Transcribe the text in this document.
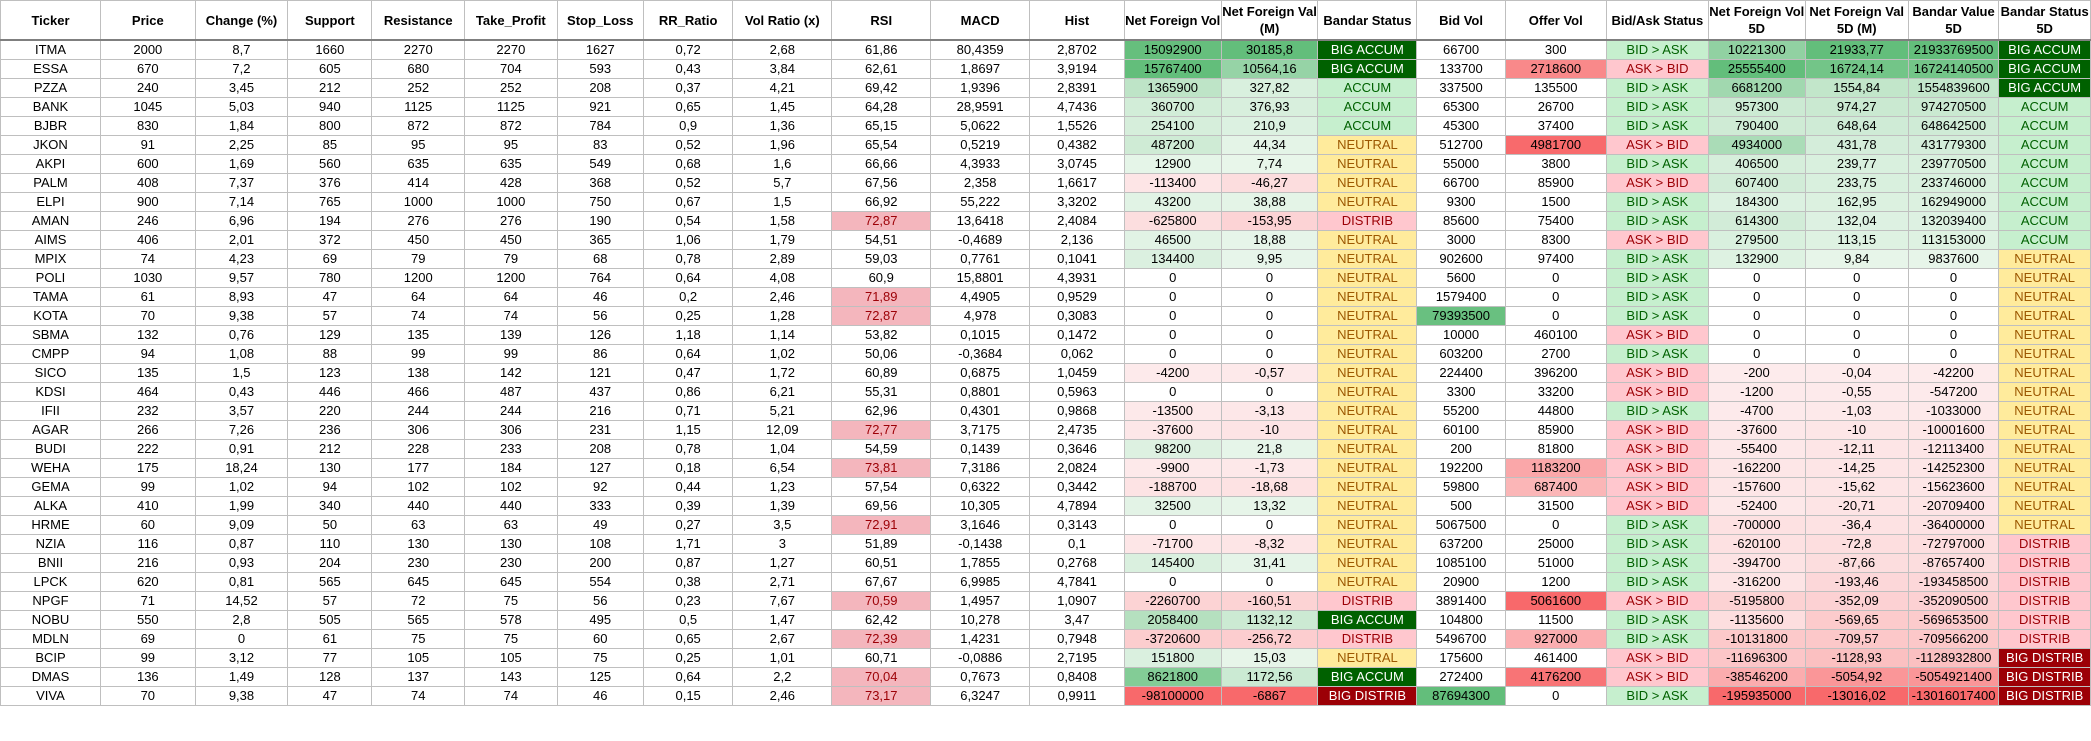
Ticker	Price	Change (%)	Support	Resistance	Take_Profit	Stop_Loss	RR_Ratio	Vol Ratio (x)	RSI	MACD	Hist	Net Foreign Vol	Net Foreign Val (M)	Bandar Status	Bid Vol	Offer Vol	Bid/Ask Status	Net Foreign Vol 5D	Net Foreign Val 5D (M)	Bandar Value 5D	Bandar Status 5D
ITMA	2000	8,7	1660	2270	2270	1627	0,72	2,68	61,86	80,4359	2,8702	15092900	30185,8	BIG ACCUM	66700	300	BID > ASK	10221300	21933,77	21933769500	BIG ACCUM
ESSA	670	7,2	605	680	704	593	0,43	3,84	62,61	1,8697	3,9194	15767400	10564,16	BIG ACCUM	133700	2718600	ASK > BID	25555400	16724,14	16724140500	BIG ACCUM
PZZA	240	3,45	212	252	252	208	0,37	4,21	69,42	1,9396	2,8391	1365900	327,82	ACCUM	337500	135500	BID > ASK	6681200	1554,84	1554839600	BIG ACCUM
BANK	1045	5,03	940	1125	1125	921	0,65	1,45	64,28	28,9591	4,7436	360700	376,93	ACCUM	65300	26700	BID > ASK	957300	974,27	974270500	ACCUM
BJBR	830	1,84	800	872	872	784	0,9	1,36	65,15	5,0622	1,5526	254100	210,9	ACCUM	45300	37400	BID > ASK	790400	648,64	648642500	ACCUM
JKON	91	2,25	85	95	95	83	0,52	1,96	65,54	0,5219	0,4382	487200	44,34	NEUTRAL	512700	4981700	ASK > BID	4934000	431,78	431779300	ACCUM
AKPI	600	1,69	560	635	635	549	0,68	1,6	66,66	4,3933	3,0745	12900	7,74	NEUTRAL	55000	3800	BID > ASK	406500	239,77	239770500	ACCUM
PALM	408	7,37	376	414	428	368	0,52	5,7	67,56	2,358	1,6617	-113400	-46,27	NEUTRAL	66700	85900	ASK > BID	607400	233,75	233746000	ACCUM
ELPI	900	7,14	765	1000	1000	750	0,67	1,5	66,92	55,222	3,3202	43200	38,88	NEUTRAL	9300	1500	BID > ASK	184300	162,95	162949000	ACCUM
AMAN	246	6,96	194	276	276	190	0,54	1,58	72,87	13,6418	2,4084	-625800	-153,95	DISTRIB	85600	75400	BID > ASK	614300	132,04	132039400	ACCUM
AIMS	406	2,01	372	450	450	365	1,06	1,79	54,51	-0,4689	2,136	46500	18,88	NEUTRAL	3000	8300	ASK > BID	279500	113,15	113153000	ACCUM
MPIX	74	4,23	69	79	79	68	0,78	2,89	59,03	0,7761	0,1041	134400	9,95	NEUTRAL	902600	97400	BID > ASK	132900	9,84	9837600	NEUTRAL
POLI	1030	9,57	780	1200	1200	764	0,64	4,08	60,9	15,8801	4,3931	0	0	NEUTRAL	5600	0	BID > ASK	0	0	0	NEUTRAL
TAMA	61	8,93	47	64	64	46	0,2	2,46	71,89	4,4905	0,9529	0	0	NEUTRAL	1579400	0	BID > ASK	0	0	0	NEUTRAL
KOTA	70	9,38	57	74	74	56	0,25	1,28	72,87	4,978	0,3083	0	0	NEUTRAL	79393500	0	BID > ASK	0	0	0	NEUTRAL
SBMA	132	0,76	129	135	139	126	1,18	1,14	53,82	0,1015	0,1472	0	0	NEUTRAL	10000	460100	ASK > BID	0	0	0	NEUTRAL
CMPP	94	1,08	88	99	99	86	0,64	1,02	50,06	-0,3684	0,062	0	0	NEUTRAL	603200	2700	BID > ASK	0	0	0	NEUTRAL
SICO	135	1,5	123	138	142	121	0,47	1,72	60,89	0,6875	1,0459	-4200	-0,57	NEUTRAL	224400	396200	ASK > BID	-200	-0,04	-42200	NEUTRAL
KDSI	464	0,43	446	466	487	437	0,86	6,21	55,31	0,8801	0,5963	0	0	NEUTRAL	3300	33200	ASK > BID	-1200	-0,55	-547200	NEUTRAL
IFII	232	3,57	220	244	244	216	0,71	5,21	62,96	0,4301	0,9868	-13500	-3,13	NEUTRAL	55200	44800	BID > ASK	-4700	-1,03	-1033000	NEUTRAL
AGAR	266	7,26	236	306	306	231	1,15	12,09	72,77	3,7175	2,4735	-37600	-10	NEUTRAL	60100	85900	ASK > BID	-37600	-10	-10001600	NEUTRAL
BUDI	222	0,91	212	228	233	208	0,78	1,04	54,59	0,1439	0,3646	98200	21,8	NEUTRAL	200	81800	ASK > BID	-55400	-12,11	-12113400	NEUTRAL
WEHA	175	18,24	130	177	184	127	0,18	6,54	73,81	7,3186	2,0824	-9900	-1,73	NEUTRAL	192200	1183200	ASK > BID	-162200	-14,25	-14252300	NEUTRAL
GEMA	99	1,02	94	102	102	92	0,44	1,23	57,54	0,6322	0,3442	-188700	-18,68	NEUTRAL	59800	687400	ASK > BID	-157600	-15,62	-15623600	NEUTRAL
ALKA	410	1,99	340	440	440	333	0,39	1,39	69,56	10,305	4,7894	32500	13,32	NEUTRAL	500	31500	ASK > BID	-52400	-20,71	-20709400	NEUTRAL
HRME	60	9,09	50	63	63	49	0,27	3,5	72,91	3,1646	0,3143	0	0	NEUTRAL	5067500	0	BID > ASK	-700000	-36,4	-36400000	NEUTRAL
NZIA	116	0,87	110	130	130	108	1,71	3	51,89	-0,1438	0,1	-71700	-8,32	NEUTRAL	637200	25000	BID > ASK	-620100	-72,8	-72797000	DISTRIB
BNII	216	0,93	204	230	230	200	0,87	1,27	60,51	1,7855	0,2768	145400	31,41	NEUTRAL	1085100	51000	BID > ASK	-394700	-87,66	-87657400	DISTRIB
LPCK	620	0,81	565	645	645	554	0,38	2,71	67,67	6,9985	4,7841	0	0	NEUTRAL	20900	1200	BID > ASK	-316200	-193,46	-193458500	DISTRIB
NPGF	71	14,52	57	72	75	56	0,23	7,67	70,59	1,4957	1,0907	-2260700	-160,51	DISTRIB	3891400	5061600	ASK > BID	-5195800	-352,09	-352090500	DISTRIB
NOBU	550	2,8	505	565	578	495	0,5	1,47	62,42	10,278	3,47	2058400	1132,12	BIG ACCUM	104800	11500	BID > ASK	-1135600	-569,65	-569653500	DISTRIB
MDLN	69	0	61	75	75	60	0,65	2,67	72,39	1,4231	0,7948	-3720600	-256,72	DISTRIB	5496700	927000	BID > ASK	-10131800	-709,57	-709566200	DISTRIB
BCIP	99	3,12	77	105	105	75	0,25	1,01	60,71	-0,0886	2,7195	151800	15,03	NEUTRAL	175600	461400	ASK > BID	-11696300	-1128,93	-1128932800	BIG DISTRIB
DMAS	136	1,49	128	137	143	125	0,64	2,2	70,04	0,7673	0,8408	8621800	1172,56	BIG ACCUM	272400	4176200	ASK > BID	-38546200	-5054,92	-5054921400	BIG DISTRIB
VIVA	70	9,38	47	74	74	46	0,15	2,46	73,17	6,3247	0,9911	-98100000	-6867	BIG DISTRIB	87694300	0	BID > ASK	-195935000	-13016,02	-13016017400	BIG DISTRIB
